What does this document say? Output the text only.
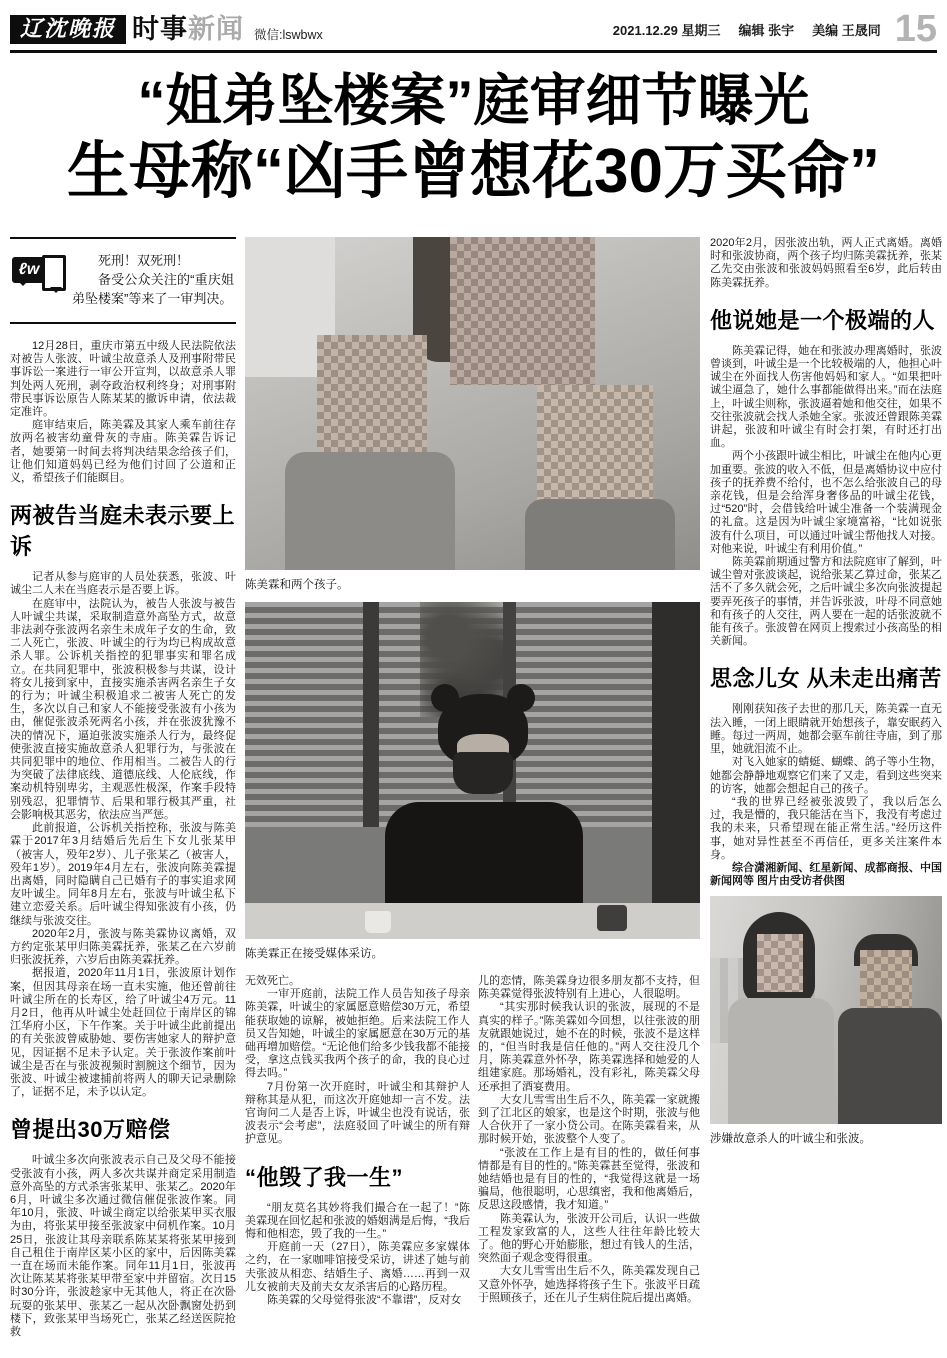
辽沈晚报 时事新闻 微信:lswbwx	2021.12.29 星期三 编辑 张宇 美编 王晟同 15
“姐弟坠楼案”庭审细节曝光
生母称“凶手曾想花30万买命”
ℓw

死刑！双死刑！

备受公众关注的“重庆姐弟坠楼案”等来了一审判决。

12月28日，重庆市第五中级人民法院依法对被告人张波、叶诚尘故意杀人及刑事附带民事诉讼一案进行一审公开宣判，以故意杀人罪判处两人死刑，剥夺政治权利终身；对刑事附带民事诉讼原告人陈某某的撤诉申请，依法裁定准许。

庭审结束后，陈美霖及其家人乘车前往存放两名被害幼童骨灰的寺庙。陈美霖告诉记者，她要第一时间去将判决结果念给孩子们，让他们知道妈妈已经为他们讨回了公道和正义，希望孩子们能瞑目。

两被告当庭未表示要上诉

记者从参与庭审的人员处获悉，张波、叶诚尘二人未在当庭表示是否要上诉。

在庭审中，法院认为，被告人张波与被告人叶诚尘共谋，采取制造意外高坠方式，故意非法剥夺张波两名亲生未成年子女的生命，致二人死亡，张波、叶诚尘的行为均已构成故意杀人罪。公诉机关指控的犯罪事实和罪名成立。在共同犯罪中，张波积极参与共谋，设计将女儿接到家中，直接实施杀害两名亲生子女的行为；叶诚尘积极追求二被害人死亡的发生，多次以自己和家人不能接受张波有小孩为由，催促张波杀死两名小孩，并在张波犹豫不决的情况下，逼迫张波实施杀人行为，最终促使张波直接实施故意杀人犯罪行为，与张波在共同犯罪中的地位、作用相当。二被告人的行为突破了法律底线、道德底线、人伦底线，作案动机特别卑劣，主观恶性极深，作案手段特别残忍，犯罪情节、后果和罪行极其严重，社会影响极其恶劣，依法应当严惩。

此前报道，公诉机关指控称，张波与陈美霖于2017年3月结婚后先后生下女儿张某甲（被害人，殁年2岁）、儿子张某乙（被害人，殁年1岁）。2019年4月左右，张波向陈美霖提出离婚，同时隐瞒自己已婚有子的事实追求网友叶诚尘。同年8月左右，张波与叶诚尘私下建立恋爱关系。后叶诚尘得知张波有小孩，仍继续与张波交往。

2020年2月，张波与陈美霖协议离婚，双方约定张某甲归陈美霖抚养，张某乙在六岁前归张波抚养，六岁后由陈美霖抚养。

据报道，2020年11月1日，张波原计划作案，但因其母亲在场一直未实施，他还曾前往叶诚尘所在的长寿区，给了叶诚尘4万元。11月2日，他再从叶诚尘处赶回位于南岸区的锦江华府小区，下午作案。关于叶诚尘此前提出的有关张波曾威胁她、要伤害她家人的辩护意见，因证据不足未予认定。关于张波作案前叶诚尘是否在与张波视频时割腕这个细节，因为张波、叶诚尘被逮捕前将两人的聊天记录删除了，证据不足，未予以认定。

曾提出30万赔偿

叶诚尘多次向张波表示自己及父母不能接受张波有小孩，两人多次共谋并商定采用制造意外高坠的方式杀害张某甲、张某乙。2020年6月，叶诚尘多次通过微信催促张波作案。同年10月，张波、叶诚尘商定以给张某甲买衣服为由，将张某甲接至张波家中伺机作案。10月25日，张波让其母亲联系陈某某将张某甲接到自己租住于南岸区某小区的家中，后因陈美霖一直在场而未能作案。同年11月1日，张波再次让陈某某将张某甲带至家中并留宿。次日15时30分许，张波趁家中无其他人，将正在次卧玩耍的张某甲、张某乙一起从次卧飘窗处扔到楼下，致张某甲当场死亡，张某乙经送医院抢救

陈美霖和两个孩子。
陈美霖正在接受媒体采访。

无效死亡。

一审开庭前，法院工作人员告知孩子母亲陈美霖，叶诚尘的家属愿意赔偿30万元，希望能获取她的谅解，被她拒绝。后来法院工作人员又告知她，叶诚尘的家属愿意在30万元的基础再增加赔偿。“无论他们给多少钱我都不能接受，拿这点钱买我两个孩子的命，我的良心过得去吗。”

7月份第一次开庭时，叶诚尘和其辩护人辩称其是从犯，而这次开庭她却一言不发。法官询问二人是否上诉，叶诚尘也没有说话，张波表示“会考虑”，法庭驳回了叶诚尘的所有辩护意见。

“他毁了我一生”

“朋友莫名其妙将我们撮合在一起了！”陈美霖现在回忆起和张波的婚姻满是后悔，“我后悔和他相恋，毁了我的一生。”

开庭前一天（27日），陈美霖应多家媒体之约，在一家咖啡馆接受采访，讲述了她与前夫张波从相恋、结婚生子、离婚……再到一双儿女被前夫及前夫女友杀害后的心路历程。

陈美霖的父母觉得张波“不靠谱”，反对女

儿的恋情，陈美霖身边很多朋友都不支持，但陈美霖觉得张波特别有上进心，人很聪明。

“其实那时候我认识的张波，展现的不是真实的样子。”陈美霖如今回想，以往张波的朋友就跟她说过，她不在的时候，张波不是这样的，“但当时我是信任他的。”两人交往没几个月，陈美霖意外怀孕，陈美霖选择和她爱的人组建家庭。那场婚礼，没有彩礼，陈美霖父母还承担了酒宴费用。

大女儿雪雪出生后不久，陈美霖一家就搬到了江北区的娘家，也是这个时期，张波与他人合伙开了一家小贷公司。在陈美霖看来，从那时候开始，张波整个人变了。

“张波在工作上是有目的性的，做任何事情都是有目的性的。”陈美霖甚至觉得，张波和她结婚也是有目的性的，“我觉得这就是一场骗局，他很聪明，心思缜密，我和他离婚后，反思这段感情，我才知道。”

陈美霖认为，张波开公司后，认识一些做工程发家致富的人，这些人往往年龄比较大了。他的野心开始膨胀，想过有钱人的生活，突然面子观念变得很重。

大女儿雪雪出生后不久，陈美霖发现自己又意外怀孕，她选择将孩子生下。张波平日疏于照顾孩子，还在儿子生病住院后提出离婚。

2020年2月，因张波出轨，两人正式离婚。离婚时和张波协商，两个孩子均归陈美霖抚养，张某乙先交由张波和张波妈妈照看至6岁，此后转由陈美霖抚养。

他说她是一个极端的人

陈美霖记得，她在和张波办理离婚时，张波曾谈到，叶诚尘是一个比较极端的人，他担心叶诚尘在外面找人伤害他妈妈和家人。“如果把叶诚尘逼急了，她什么事都能做得出来。”而在法庭上，叶诚尘则称，张波逼着她和他交往，如果不交往张波就会找人杀她全家。张波还曾跟陈美霖讲起，张波和叶诚尘有时会打架，有时还打出血。

两个小孩跟叶诚尘相比，叶诚尘在他内心更加重要。张波的收入不低，但是离婚协议中应付孩子的抚养费不给付，也不怎么给张波自己的母亲花钱，但是会给浑身奢侈品的叶诚尘花钱，过“520”时，会借钱给叶诚尘准备一个装满现金的礼盒。这是因为叶诚尘家境富裕，“比如说张波有什么项目，可以通过叶诚尘帮他找人对接。对他来说，叶诚尘有利用价值。”

陈美霖前期通过警方和法院庭审了解到，叶诚尘曾对张波谈起，说给张某乙算过命，张某乙活不了多久就会死，之后叶诚尘多次向张波提起要弄死孩子的事情，并告诉张波，叶母不同意她和有孩子的人交往，两人要在一起的话张波就不能有孩子。张波曾在网页上搜索过小孩高坠的相关新闻。

思念儿女 从未走出痛苦

刚刚获知孩子去世的那几天，陈美霖一直无法入睡，一闭上眼睛就开始想孩子，靠安眠药入睡。每过一两周，她都会驱车前往寺庙，到了那里，她就泪流不止。

对飞入她家的蜻蜓、蝴蝶、鸽子等小生物，她都会静静地观察它们来了又走，看到这些突来的访客，她都会想起自己的孩子。

“我的世界已经被张波毁了，我以后怎么过，我是懵的，我只能活在当下，我没有考虑过我的未来，只希望现在能正常生活。”经历这件事，她对异性甚至不再信任，更多关注案件本身。

综合潇湘新闻、红星新闻、成都商报、中国新闻网等 图片由受访者供图

涉嫌故意杀人的叶诚尘和张波。
